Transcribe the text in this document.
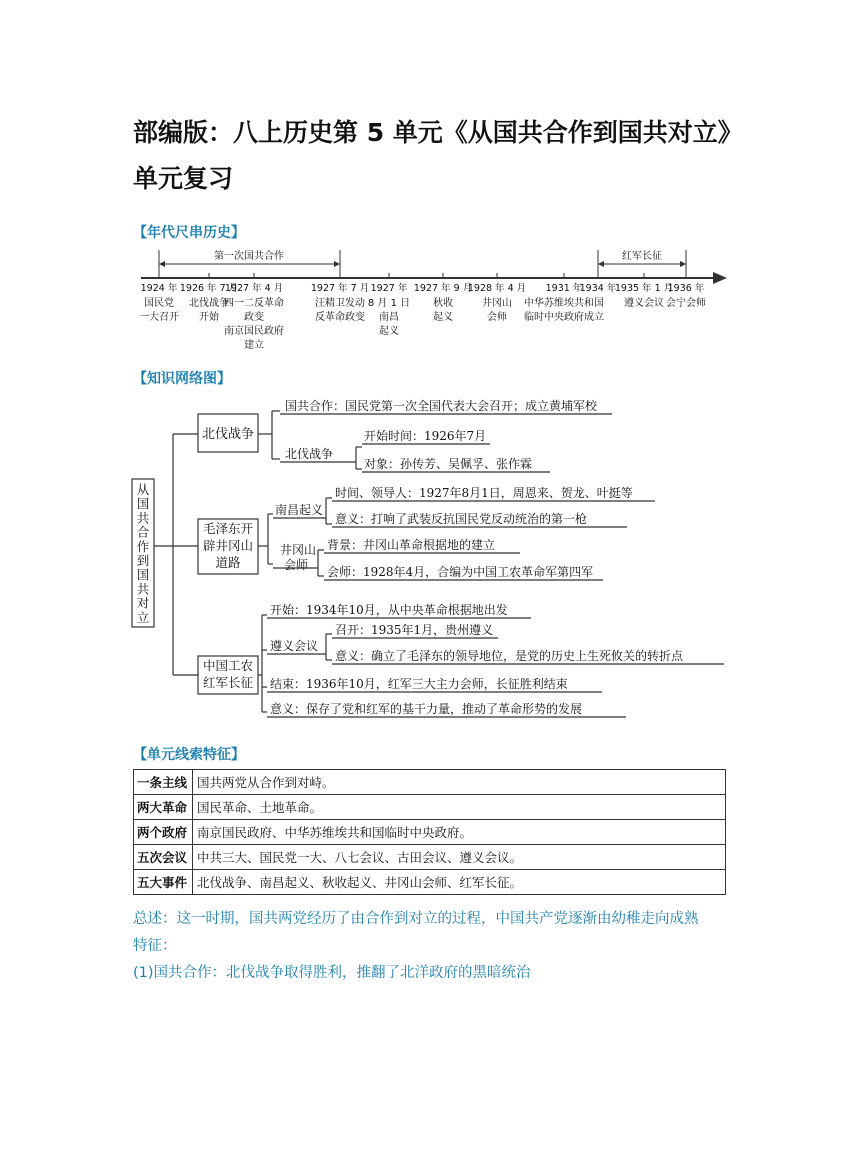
部编版：八上历史第 5 单元《从国共合作到国共对立》单元复习
【年代尺串历史】
第一次国共合作	红军长征
1924 年
国民党
一大召开
1926 年 7 月
北伐战争
开始
1927 年 4 月
四一二反革命
政变
南京国民政府
建立
1927 年 7 月
汪精卫发动
反革命政变
1927 年
8 月 1 日
南昌
起义
1927 年 9 月
秋收
起义
1928 年 4 月
井冈山
会师
1931 年
中华苏维埃共和国
临时中央政府成立
1934 年
1935 年 1 月
遵义会议
1936 年
会宁会师
【知识网络图】
从
国
共
合
作
到
国
共
对
立
北伐战争
国共合作：国民党第一次全国代表大会召开；成立黄埔军校
北伐战争
开始时间：1926年7月
对象：孙传芳、吴佩孚、张作霖
毛泽东开
辟井冈山
道路
南昌起义
时间、领导人：1927年8月1日，周恩来、贺龙、叶挺等
意义：打响了武装反抗国民党反动统治的第一枪
井冈山
会师
背景：井冈山革命根据地的建立
会师：1928年4月，合编为中国工农革命军第四军
中国工农
红军长征
开始：1934年10月，从中央革命根据地出发
遵义会议
召开：1935年1月，贵州遵义
意义：确立了毛泽东的领导地位，是党的历史上生死攸关的转折点
结束：1936年10月，红军三大主力会师，长征胜利结束
意义：保存了党和红军的基干力量，推动了革命形势的发展
【单元线索特征】
一条主线	国共两党从合作到对峙。
两大革命	国民革命、土地革命。
两个政府	南京国民政府、中华苏维埃共和国临时中央政府。
五次会议	中共三大、国民党一大、八七会议、古田会议、遵义会议。
五大事件	北伐战争、南昌起义、秋收起义、井冈山会师、红军长征。
总述：这一时期，国共两党经历了由合作到对立的过程，中国共产党逐渐由幼稚走向成熟
特征：
(1)国共合作：北伐战争取得胜利，推翻了北洋政府的黑暗统治
